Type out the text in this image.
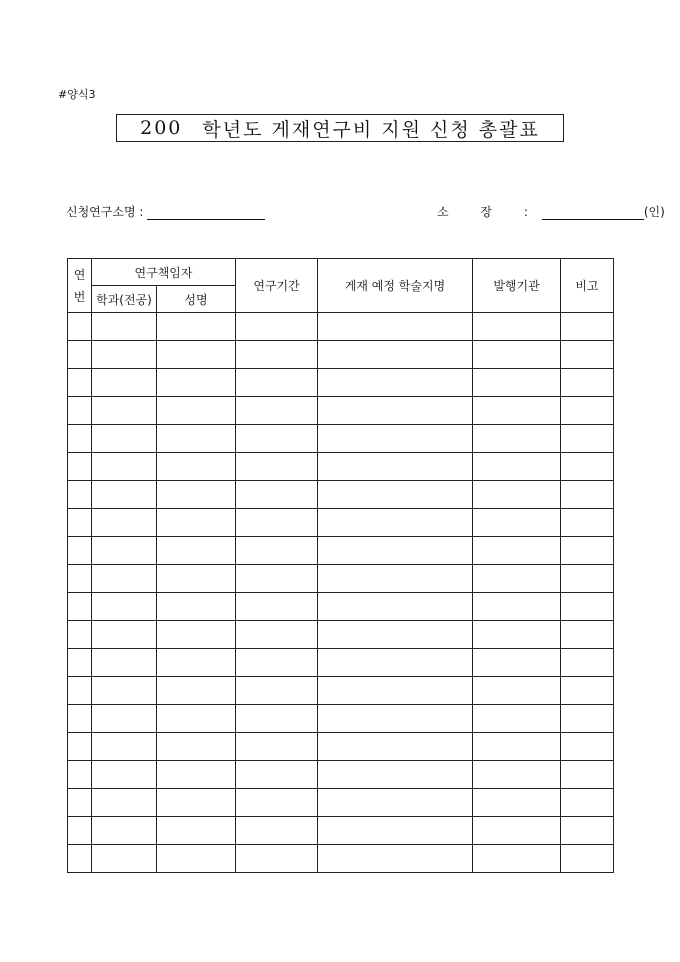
#양식3
200 학년도 게재연구비 지원 신청 총괄표
신청연구소명 :	소 장 :	(인)
연
번	연구책임자		연구기간	게재 예정 학술지명	발행기관	비고
	학과(전공)	성명				
